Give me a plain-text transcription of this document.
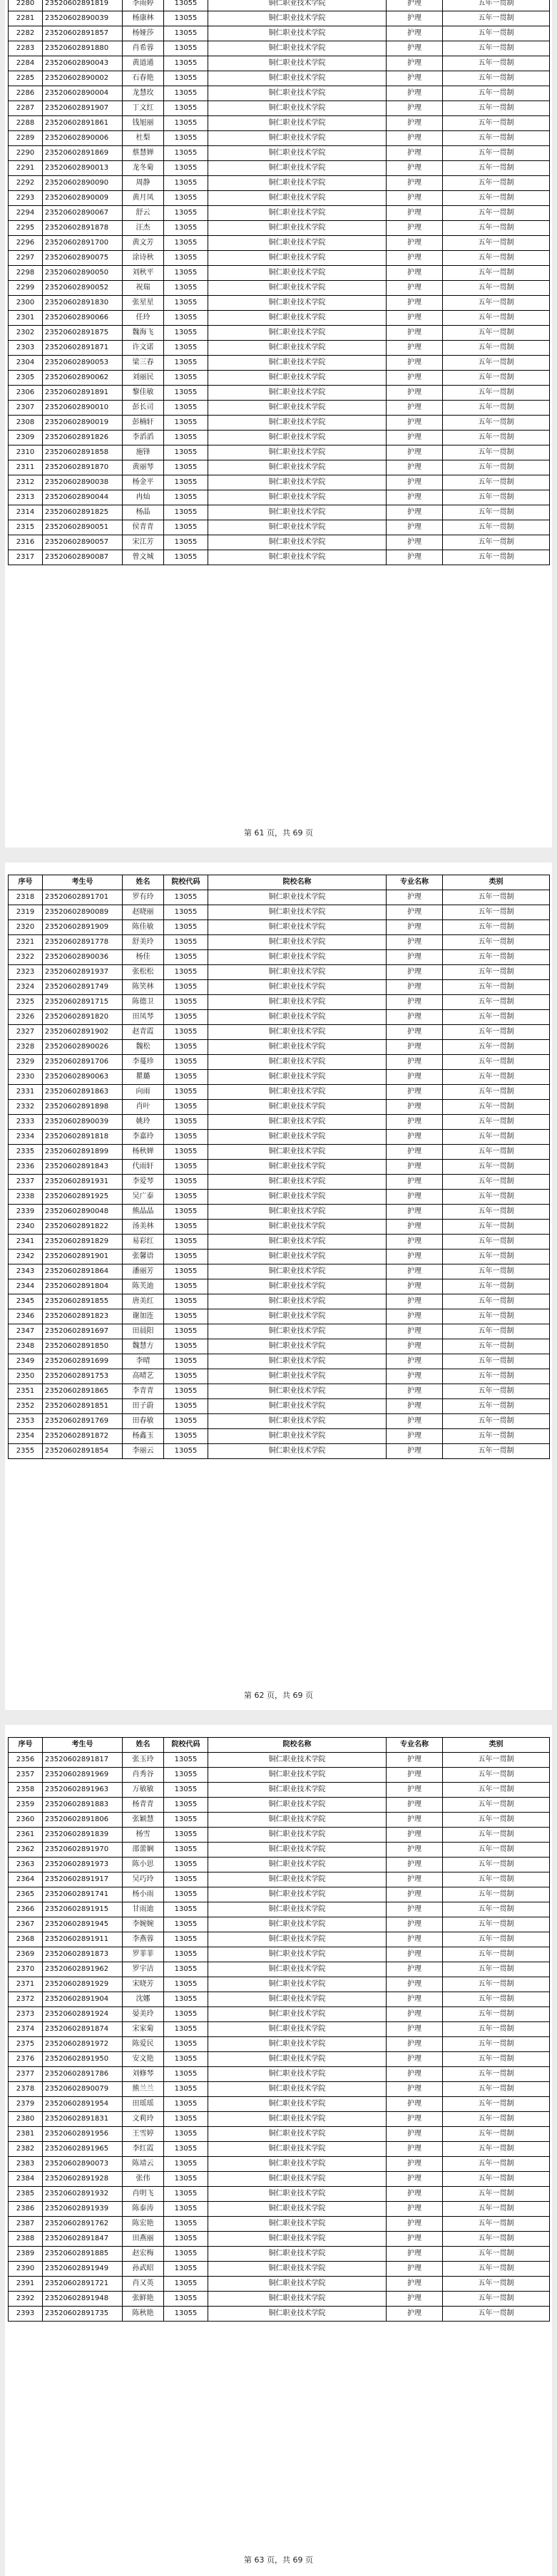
2280	23520602891819	李雨婷	13055	铜仁职业技术学院	护理	五年一贯制
2281	23520602890039	杨康林	13055	铜仁职业技术学院	护理	五年一贯制
2282	23520602891857	杨娅莎	13055	铜仁职业技术学院	护理	五年一贯制
2283	23520602891880	肖希蓉	13055	铜仁职业技术学院	护理	五年一贯制
2284	23520602890043	黄道通	13055	铜仁职业技术学院	护理	五年一贯制
2285	23520602890002	石春艳	13055	铜仁职业技术学院	护理	五年一贯制
2286	23520602890004	龙慧玫	13055	铜仁职业技术学院	护理	五年一贯制
2287	23520602891907	丁文红	13055	铜仁职业技术学院	护理	五年一贯制
2288	23520602891861	钱旭丽	13055	铜仁职业技术学院	护理	五年一贯制
2289	23520602890006	杜梨	13055	铜仁职业技术学院	护理	五年一贯制
2290	23520602891869	蔡慧婵	13055	铜仁职业技术学院	护理	五年一贯制
2291	23520602890013	龙冬菊	13055	铜仁职业技术学院	护理	五年一贯制
2292	23520602890090	周静	13055	铜仁职业技术学院	护理	五年一贯制
2293	23520602890009	黄月凤	13055	铜仁职业技术学院	护理	五年一贯制
2294	23520602890067	舒云	13055	铜仁职业技术学院	护理	五年一贯制
2295	23520602891878	汪杰	13055	铜仁职业技术学院	护理	五年一贯制
2296	23520602891700	黄文芳	13055	铜仁职业技术学院	护理	五年一贯制
2297	23520602890075	涂诗秋	13055	铜仁职业技术学院	护理	五年一贯制
2298	23520602890050	刘秋平	13055	铜仁职业技术学院	护理	五年一贯制
2299	23520602890052	祝瑞	13055	铜仁职业技术学院	护理	五年一贯制
2300	23520602891830	张星星	13055	铜仁职业技术学院	护理	五年一贯制
2301	23520602890066	任玲	13055	铜仁职业技术学院	护理	五年一贯制
2302	23520602891875	魏海飞	13055	铜仁职业技术学院	护理	五年一贯制
2303	23520602891871	许文诺	13055	铜仁职业技术学院	护理	五年一贯制
2304	23520602890053	梁三春	13055	铜仁职业技术学院	护理	五年一贯制
2305	23520602890062	刘丽民	13055	铜仁职业技术学院	护理	五年一贯制
2306	23520602891891	黎佳敏	13055	铜仁职业技术学院	护理	五年一贯制
2307	23520602890010	彭长司	13055	铜仁职业技术学院	护理	五年一贯制
2308	23520602890019	彭楠轩	13055	铜仁职业技术学院	护理	五年一贯制
2309	23520602891826	李滔滔	13055	铜仁职业技术学院	护理	五年一贯制
2310	23520602891858	施锋	13055	铜仁职业技术学院	护理	五年一贯制
2311	23520602891870	黄丽琴	13055	铜仁职业技术学院	护理	五年一贯制
2312	23520602890038	杨金平	13055	铜仁职业技术学院	护理	五年一贯制
2313	23520602890044	冉灿	13055	铜仁职业技术学院	护理	五年一贯制
2314	23520602891825	杨晶	13055	铜仁职业技术学院	护理	五年一贯制
2315	23520602890051	侯青青	13055	铜仁职业技术学院	护理	五年一贯制
2316	23520602890057	宋江芳	13055	铜仁职业技术学院	护理	五年一贯制
2317	23520602890087	曾文城	13055	铜仁职业技术学院	护理	五年一贯制
第 61 页，共 69 页
序号	考生号	姓名	院校代码	院校名称	专业名称	类别
2318	23520602891701	罗有玲	13055	铜仁职业技术学院	护理	五年一贯制
2319	23520602890089	赵晓丽	13055	铜仁职业技术学院	护理	五年一贯制
2320	23520602891909	陈佳敏	13055	铜仁职业技术学院	护理	五年一贯制
2321	23520602891778	舒美玲	13055	铜仁职业技术学院	护理	五年一贯制
2322	23520602890036	杨佳	13055	铜仁职业技术学院	护理	五年一贯制
2323	23520602891937	张松松	13055	铜仁职业技术学院	护理	五年一贯制
2324	23520602891749	陈笑林	13055	铜仁职业技术学院	护理	五年一贯制
2325	23520602891715	陈德卫	13055	铜仁职业技术学院	护理	五年一贯制
2326	23520602891820	田凤琴	13055	铜仁职业技术学院	护理	五年一贯制
2327	23520602891902	赵青霞	13055	铜仁职业技术学院	护理	五年一贯制
2328	23520602890026	魏松	13055	铜仁职业技术学院	护理	五年一贯制
2329	23520602891706	李蔓珍	13055	铜仁职业技术学院	护理	五年一贯制
2330	23520602890063	瞿璐	13055	铜仁职业技术学院	护理	五年一贯制
2331	23520602891863	向雨	13055	铜仁职业技术学院	护理	五年一贯制
2332	23520602891898	肖叶	13055	铜仁职业技术学院	护理	五年一贯制
2333	23520602890039	姚玲	13055	铜仁职业技术学院	护理	五年一贯制
2334	23520602891818	李嘉玲	13055	铜仁职业技术学院	护理	五年一贯制
2335	23520602891899	杨秋婵	13055	铜仁职业技术学院	护理	五年一贯制
2336	23520602891843	代雨轩	13055	铜仁职业技术学院	护理	五年一贯制
2337	23520602891931	李爱琴	13055	铜仁职业技术学院	护理	五年一贯制
2338	23520602891925	吴广泰	13055	铜仁职业技术学院	护理	五年一贯制
2339	23520602890048	熊晶晶	13055	铜仁职业技术学院	护理	五年一贯制
2340	23520602891822	汤美林	13055	铜仁职业技术学院	护理	五年一贯制
2341	23520602891829	易彩红	13055	铜仁职业技术学院	护理	五年一贯制
2342	23520602891901	张馨语	13055	铜仁职业技术学院	护理	五年一贯制
2343	23520602891864	潘丽芳	13055	铜仁职业技术学院	护理	五年一贯制
2344	23520602891804	陈芙迪	13055	铜仁职业技术学院	护理	五年一贯制
2345	23520602891855	唐美红	13055	铜仁职业技术学院	护理	五年一贯制
2346	23520602891823	谢加连	13055	铜仁职业技术学院	护理	五年一贯制
2347	23520602891697	田晨阳	13055	铜仁职业技术学院	护理	五年一贯制
2348	23520602891850	魏慧方	13055	铜仁职业技术学院	护理	五年一贯制
2349	23520602891699	李晴	13055	铜仁职业技术学院	护理	五年一贯制
2350	23520602891753	高晴艺	13055	铜仁职业技术学院	护理	五年一贯制
2351	23520602891865	李青青	13055	铜仁职业技术学院	护理	五年一贯制
2352	23520602891851	田子蔚	13055	铜仁职业技术学院	护理	五年一贯制
2353	23520602891769	田春敏	13055	铜仁职业技术学院	护理	五年一贯制
2354	23520602891872	杨鑫玉	13055	铜仁职业技术学院	护理	五年一贯制
2355	23520602891854	李丽云	13055	铜仁职业技术学院	护理	五年一贯制
第 62 页，共 69 页
序号	考生号	姓名	院校代码	院校名称	专业名称	类别
2356	23520602891817	张玉玲	13055	铜仁职业技术学院	护理	五年一贯制
2357	23520602891969	肖秀谷	13055	铜仁职业技术学院	护理	五年一贯制
2358	23520602891963	万敏敏	13055	铜仁职业技术学院	护理	五年一贯制
2359	23520602891883	杨青青	13055	铜仁职业技术学院	护理	五年一贯制
2360	23520602891806	张颖慧	13055	铜仁职业技术学院	护理	五年一贯制
2361	23520602891839	杨雪	13055	铜仁职业技术学院	护理	五年一贯制
2362	23520602891970	邵蕾娴	13055	铜仁职业技术学院	护理	五年一贯制
2363	23520602891973	陈小思	13055	铜仁职业技术学院	护理	五年一贯制
2364	23520602891917	吴巧玲	13055	铜仁职业技术学院	护理	五年一贯制
2365	23520602891741	杨小雨	13055	铜仁职业技术学院	护理	五年一贯制
2366	23520602891915	甘雨迪	13055	铜仁职业技术学院	护理	五年一贯制
2367	23520602891945	李婉婉	13055	铜仁职业技术学院	护理	五年一贯制
2368	23520602891911	李燕蓉	13055	铜仁职业技术学院	护理	五年一贯制
2369	23520602891873	罗菲菲	13055	铜仁职业技术学院	护理	五年一贯制
2370	23520602891962	罗宇洁	13055	铜仁职业技术学院	护理	五年一贯制
2371	23520602891929	宋晓芳	13055	铜仁职业技术学院	护理	五年一贯制
2372	23520602891904	沈娜	13055	铜仁职业技术学院	护理	五年一贯制
2373	23520602891924	晏美玲	13055	铜仁职业技术学院	护理	五年一贯制
2374	23520602891874	宋家菊	13055	铜仁职业技术学院	护理	五年一贯制
2375	23520602891972	陈爱民	13055	铜仁职业技术学院	护理	五年一贯制
2376	23520602891950	安文艳	13055	铜仁职业技术学院	护理	五年一贯制
2377	23520602891786	刘修琴	13055	铜仁职业技术学院	护理	五年一贯制
2378	23520602890079	熊兰兰	13055	铜仁职业技术学院	护理	五年一贯制
2379	23520602891954	田瑶瑶	13055	铜仁职业技术学院	护理	五年一贯制
2380	23520602891831	文莉玲	13055	铜仁职业技术学院	护理	五年一贯制
2381	23520602891956	王雪婷	13055	铜仁职业技术学院	护理	五年一贯制
2382	23520602891965	李红霞	13055	铜仁职业技术学院	护理	五年一贯制
2383	23520602890073	陈靖云	13055	铜仁职业技术学院	护理	五年一贯制
2384	23520602891928	张伟	13055	铜仁职业技术学院	护理	五年一贯制
2385	23520602891932	肖明飞	13055	铜仁职业技术学院	护理	五年一贯制
2386	23520602891939	陈泰涛	13055	铜仁职业技术学院	护理	五年一贯制
2387	23520602891762	陈宏艳	13055	铜仁职业技术学院	护理	五年一贯制
2388	23520602891847	田燕丽	13055	铜仁职业技术学院	护理	五年一贯制
2389	23520602891885	赵宏梅	13055	铜仁职业技术学院	护理	五年一贯制
2390	23520602891949	孙武昭	13055	铜仁职业技术学院	护理	五年一贯制
2391	23520602891721	肖又英	13055	铜仁职业技术学院	护理	五年一贯制
2392	23520602891948	张鲜艳	13055	铜仁职业技术学院	护理	五年一贯制
2393	23520602891735	陈秋艳	13055	铜仁职业技术学院	护理	五年一贯制
第 63 页，共 69 页
